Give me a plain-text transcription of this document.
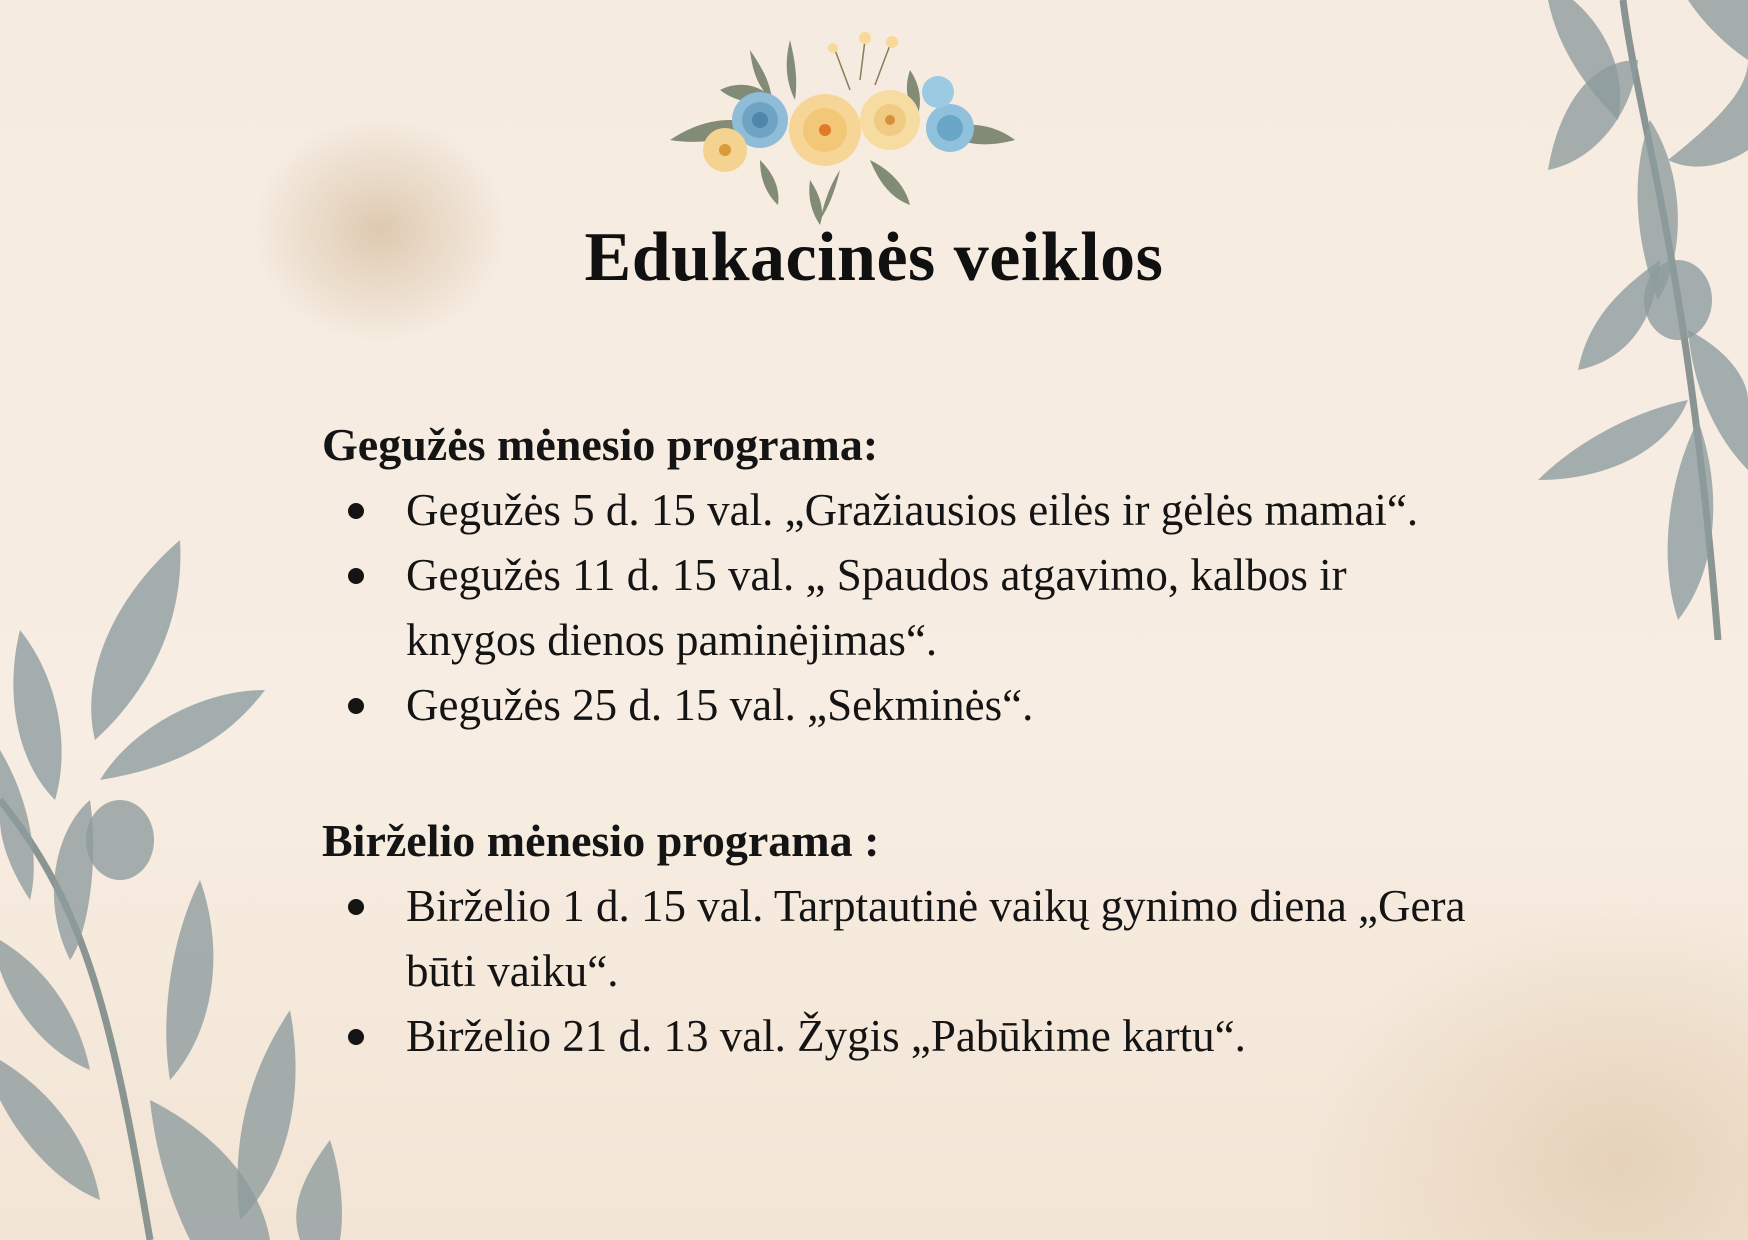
Edukacinės veiklos

Gegužės mėnesio programa:

Gegužės 5 d. 15 val. „Gražiausios eilės ir gėlės mamai“.
Gegužės 11 d. 15 val. „ Spaudos atgavimo, kalbos ir knygos dienos paminėjimas“.
Gegužės 25 d. 15 val. „Sekminės“.

Birželio mėnesio programa :

Birželio 1 d. 15 val. Tarptautinė vaikų gynimo diena „Gera būti vaiku“.
Birželio 21 d. 13 val. Žygis „Pabūkime kartu“.
